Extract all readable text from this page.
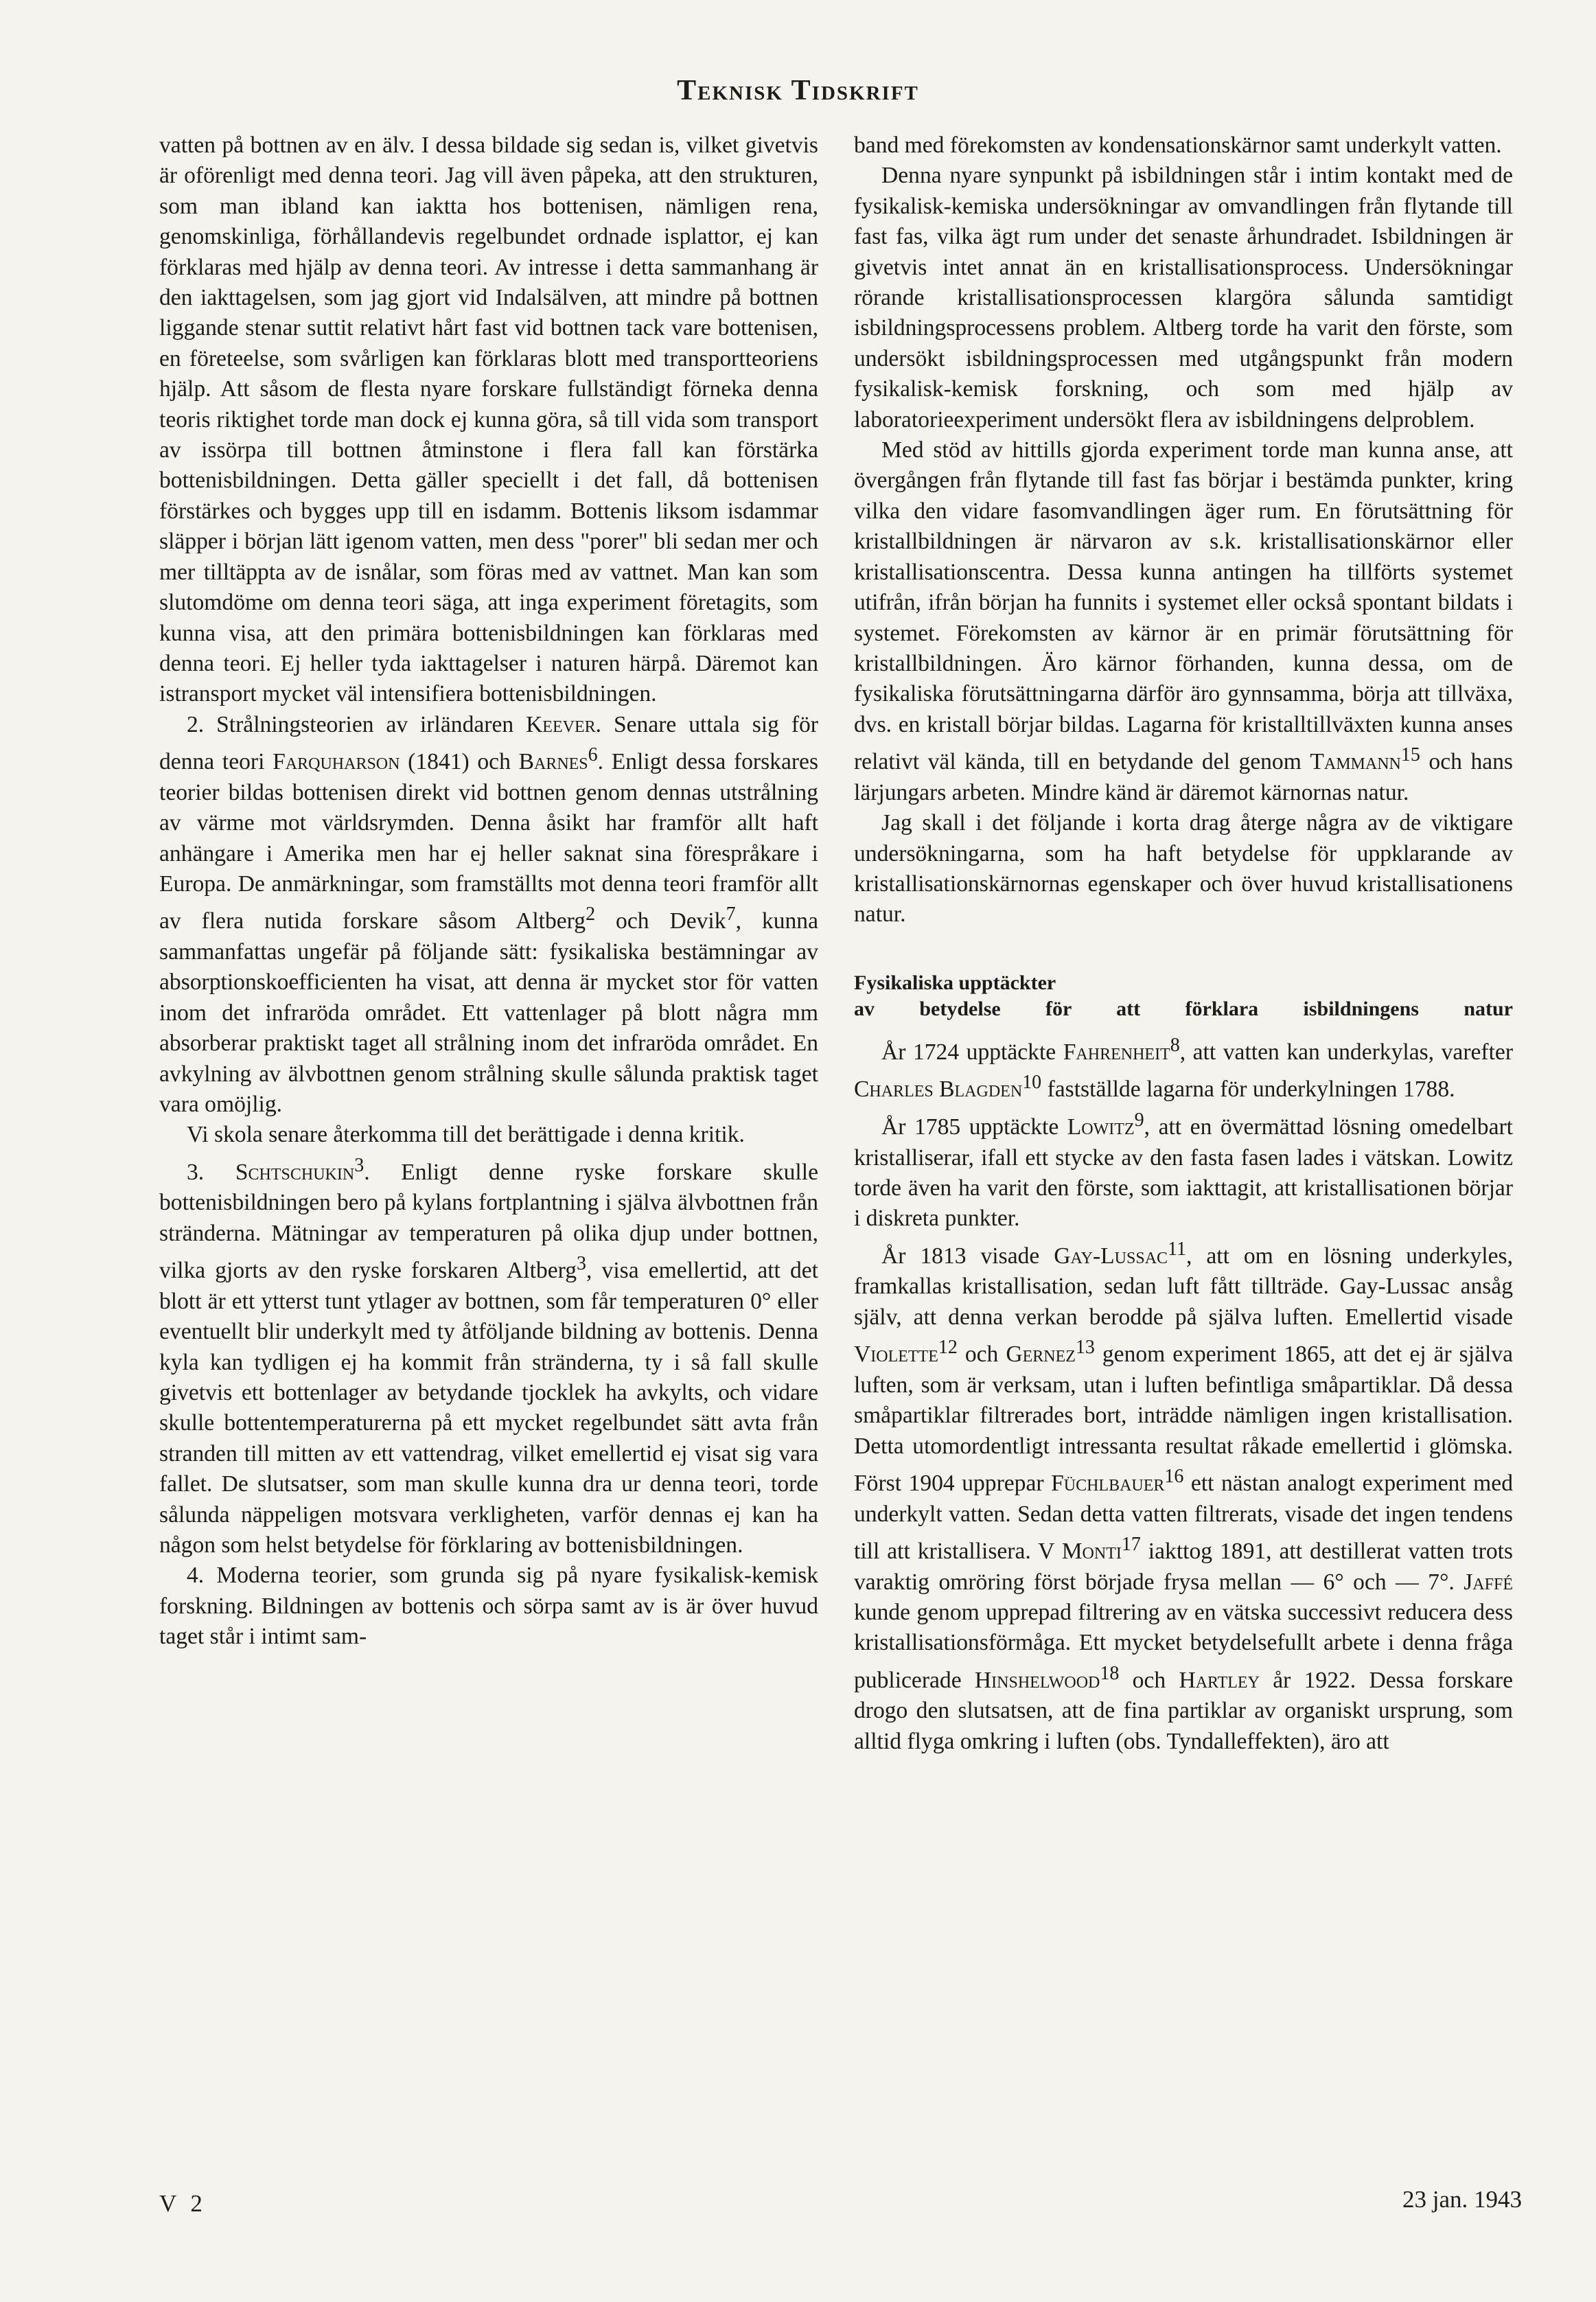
Teknisk Tidskrift

vatten på bottnen av en älv. I dessa bildade sig sedan is, vilket givetvis är oförenligt med denna teori. Jag vill även påpeka, att den strukturen, som man ibland kan iaktta hos bottenisen, nämligen rena, genomskinliga, förhållandevis regelbundet ordnade isplattor, ej kan förklaras med hjälp av denna teori. Av intresse i detta sammanhang är den iakttagelsen, som jag gjort vid Indalsälven, att mindre på bottnen liggande stenar suttit relativt hårt fast vid bottnen tack vare bottenisen, en företeelse, som svårligen kan förklaras blott med transportteoriens hjälp. Att såsom de flesta nyare forskare fullständigt förneka denna teoris riktighet torde man dock ej kunna göra, så till vida som transport av issörpa till bottnen åtminstone i flera fall kan förstärka bottenisbildningen. Detta gäller speciellt i det fall, då bottenisen förstärkes och bygges upp till en isdamm. Bottenis liksom isdammar släpper i början lätt igenom vatten, men dess "porer" bli sedan mer och mer tilltäppta av de isnålar, som föras med av vattnet. Man kan som slutomdöme om denna teori säga, att inga experiment företagits, som kunna visa, att den primära bottenisbildningen kan förklaras med denna teori. Ej heller tyda iakttagelser i naturen härpå. Däremot kan istransport mycket väl intensifiera bottenisbildningen.

2. Strålningsteorien av irländaren Keever. Senare uttala sig för denna teori Farquharson (1841) och Barnes$^6$. Enligt dessa forskares teorier bildas bottenisen direkt vid bottnen genom dennas utstrålning av värme mot världsrymden. Denna åsikt har framför allt haft anhängare i Amerika men har ej heller saknat sina förespråkare i Europa. De anmärkningar, som framställts mot denna teori framför allt av flera nutida forskare såsom Altberg$^2$ och Devik$^7$, kunna sammanfattas ungefär på följande sätt: fysikaliska bestämningar av absorptionskoefficienten ha visat, att denna är mycket stor för vatten inom det infraröda området. Ett vattenlager på blott några mm absorberar praktiskt taget all strålning inom det infraröda området. En avkylning av älvbottnen genom strålning skulle sålunda praktisk taget vara omöjlig.

Vi skola senare återkomma till det berättigade i denna kritik.

3. Schtschukin$^3$. Enligt denne ryske forskare skulle bottenisbildningen bero på kylans fortplantning i själva älvbottnen från stränderna. Mätningar av temperaturen på olika djup under bottnen, vilka gjorts av den ryske forskaren Altberg$^3$, visa emellertid, att det blott är ett ytterst tunt ytlager av bottnen, som får temperaturen 0° eller eventuellt blir underkylt med ty åtföljande bildning av bottenis. Denna kyla kan tydligen ej ha kommit från stränderna, ty i så fall skulle givetvis ett bottenlager av betydande tjocklek ha avkylts, och vidare skulle bottentemperaturerna på ett mycket regelbundet sätt avta från stranden till mitten av ett vattendrag, vilket emellertid ej visat sig vara fallet. De slutsatser, som man skulle kunna dra ur denna teori, torde sålunda näppeligen motsvara verkligheten, varför dennas ej kan ha någon som helst betydelse för förklaring av bottenisbildningen.

4. Moderna teorier, som grunda sig på nyare fysikalisk-kemisk forskning. Bildningen av bottenis och sörpa samt av is är över huvud taget står i intimt sam-

band med förekomsten av kondensationskärnor samt underkylt vatten.

Denna nyare synpunkt på isbildningen står i intim kontakt med de fysikalisk-kemiska undersökningar av omvandlingen från flytande till fast fas, vilka ägt rum under det senaste århundradet. Isbildningen är givetvis intet annat än en kristallisationsprocess. Undersökningar rörande kristallisationsprocessen klargöra sålunda samtidigt isbildningsprocessens problem. Altberg torde ha varit den förste, som undersökt isbildningsprocessen med utgångspunkt från modern fysikalisk-kemisk forskning, och som med hjälp av laboratorieexperiment undersökt flera av isbildningens delproblem.

Med stöd av hittills gjorda experiment torde man kunna anse, att övergången från flytande till fast fas börjar i bestämda punkter, kring vilka den vidare fasomvandlingen äger rum. En förutsättning för kristallbildningen är närvaron av s.k. kristallisationskärnor eller kristallisationscentra. Dessa kunna antingen ha tillförts systemet utifrån, ifrån början ha funnits i systemet eller också spontant bildats i systemet. Förekomsten av kärnor är en primär förutsättning för kristallbildningen. Äro kärnor förhanden, kunna dessa, om de fysikaliska förutsättningarna därför äro gynnsamma, börja att tillväxa, dvs. en kristall börjar bildas. Lagarna för kristalltillväxten kunna anses relativt väl kända, till en betydande del genom Tammann$^{15}$ och hans lärjungars arbeten. Mindre känd är däremot kärnornas natur.

Jag skall i det följande i korta drag återge några av de viktigare undersökningarna, som ha haft betydelse för uppklarande av kristallisationskärnornas egenskaper och över huvud kristallisationens natur.

Fysikaliska upptäckter
av betydelse för att förklara isbildningens natur

År 1724 upptäckte Fahrenheit$^8$, att vatten kan underkylas, varefter Charles Blagden$^{10}$ fastställde lagarna för underkylningen 1788.

År 1785 upptäckte Lowitz$^9$, att en övermättad lösning omedelbart kristalliserar, ifall ett stycke av den fasta fasen lades i vätskan. Lowitz torde även ha varit den förste, som iakttagit, att kristallisationen börjar i diskreta punkter.

År 1813 visade Gay-Lussac$^{11}$, att om en lösning underkyles, framkallas kristallisation, sedan luft fått tillträde. Gay-Lussac ansåg själv, att denna verkan berodde på själva luften. Emellertid visade Violette$^{12}$ och Gernez$^{13}$ genom experiment 1865, att det ej är själva luften, som är verksam, utan i luften befintliga småpartiklar. Då dessa småpartiklar filtrerades bort, inträdde nämligen ingen kristallisation. Detta utomordentligt intressanta resultat råkade emellertid i glömska. Först 1904 upprepar Füchlbauer$^{16}$ ett nästan analogt experiment med underkylt vatten. Sedan detta vatten filtrerats, visade det ingen tendens till att kristallisera. V Monti$^{17}$ iakttog 1891, att destillerat vatten trots varaktig omröring först började frysa mellan — 6° och — 7°. Jaffé kunde genom upprepad filtrering av en vätska successivt reducera dess kristallisationsförmåga. Ett mycket betydelsefullt arbete i denna fråga publicerade Hinshelwood$^{18}$ och Hartley år 1922. Dessa forskare drogo den slutsatsen, att de fina partiklar av organiskt ursprung, som alltid flyga omkring i luften (obs. Tyndalleffekten), äro att

V 2	23 jan. 1943
